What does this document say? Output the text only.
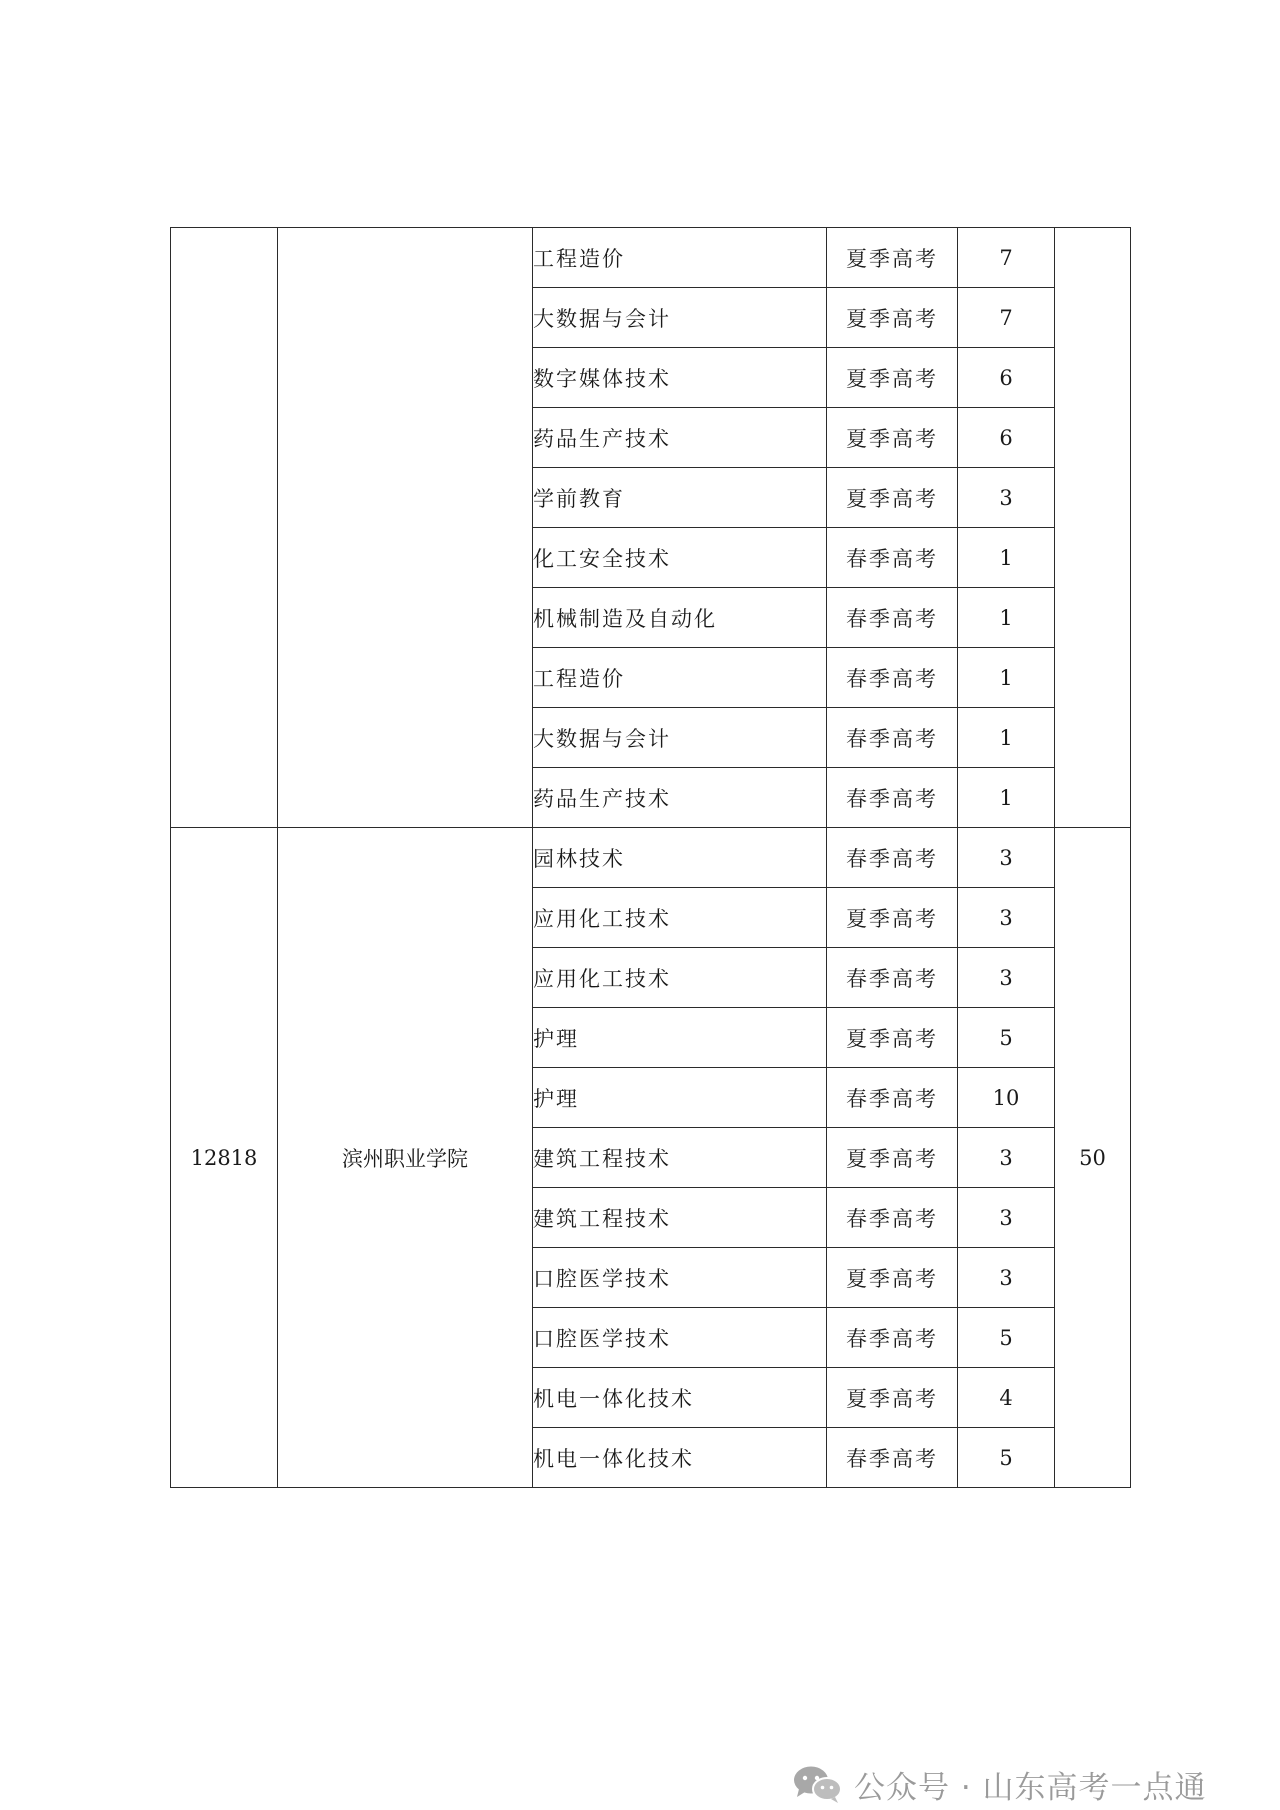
		工程造价	夏季高考	7	
		大数据与会计	夏季高考	7	
		数字媒体技术	夏季高考	6	
		药品生产技术	夏季高考	6	
		学前教育	夏季高考	3	
		化工安全技术	春季高考	1	
		机械制造及自动化	春季高考	1	
		工程造价	春季高考	1	
		大数据与会计	春季高考	1	
		药品生产技术	春季高考	1	
12818	滨州职业学院	园林技术	春季高考	3	50
		应用化工技术	夏季高考	3	
		应用化工技术	春季高考	3	
		护理	夏季高考	5	
		护理	春季高考	10	
		建筑工程技术	夏季高考	3	
		建筑工程技术	春季高考	3	
		口腔医学技术	夏季高考	3	
		口腔医学技术	春季高考	5	
		机电一体化技术	夏季高考	4	
		机电一体化技术	春季高考	5	
公众号 · 山东高考一点通
